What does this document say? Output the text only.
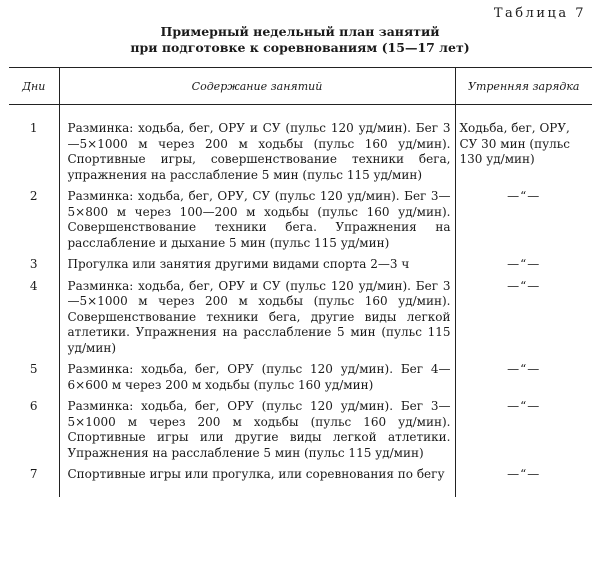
Таблица 7
Примерный недельный план занятий
при подготовке к соревнованиям (15—17 лет)
Дни	Содержание занятий	Утренняя зарядка
1	Разминка: ходьба, бег, ОРУ и СУ (пульс 120 уд/мин). Бег 3—5×1000 м через 200 м ходьбы (пульс 160 уд/мин). Спортивные игры, совершенствование техники бега, упражнения на расслабление 5 мин (пульс 115 уд/мин)	Ходьба, бег, ОРУ, СУ 30 мин (пульс 130 уд/мин)
2	Разминка: ходьба, бег, ОРУ, СУ (пульс 120 уд/мин). Бег 3—5×800 м через 100—200 м ходьбы (пульс 160 уд/мин). Совершенствование техники бега. Упражнения на расслабление и дыхание 5 мин (пульс 115 уд/мин)	—“—
3	Прогулка или занятия другими видами спорта 2—3 ч	—“—
4	Разминка: ходьба, бег, ОРУ и СУ (пульс 120 уд/мин). Бег 3—5×1000 м через 200 м ходьбы (пульс 160 уд/мин). Совершенствование техники бега, другие виды легкой атлетики. Упражнения на расслабление 5 мин (пульс 115 уд/мин)	—“—
5	Разминка: ходьба, бег, ОРУ (пульс 120 уд/мин). Бег 4—6×600 м через 200 м ходьбы (пульс 160 уд/мин)	—“—
6	Разминка: ходьба, бег, ОРУ (пульс 120 уд/мин). Бег 3—5×1000 м через 200 м ходьбы (пульс 160 уд/мин). Спортивные игры или другие виды легкой атлетики. Упражнения на расслабление 5 мин (пульс 115 уд/мин)	—“—
7	Спортивные игры или прогулка, или соревнования по бегу	—“—
